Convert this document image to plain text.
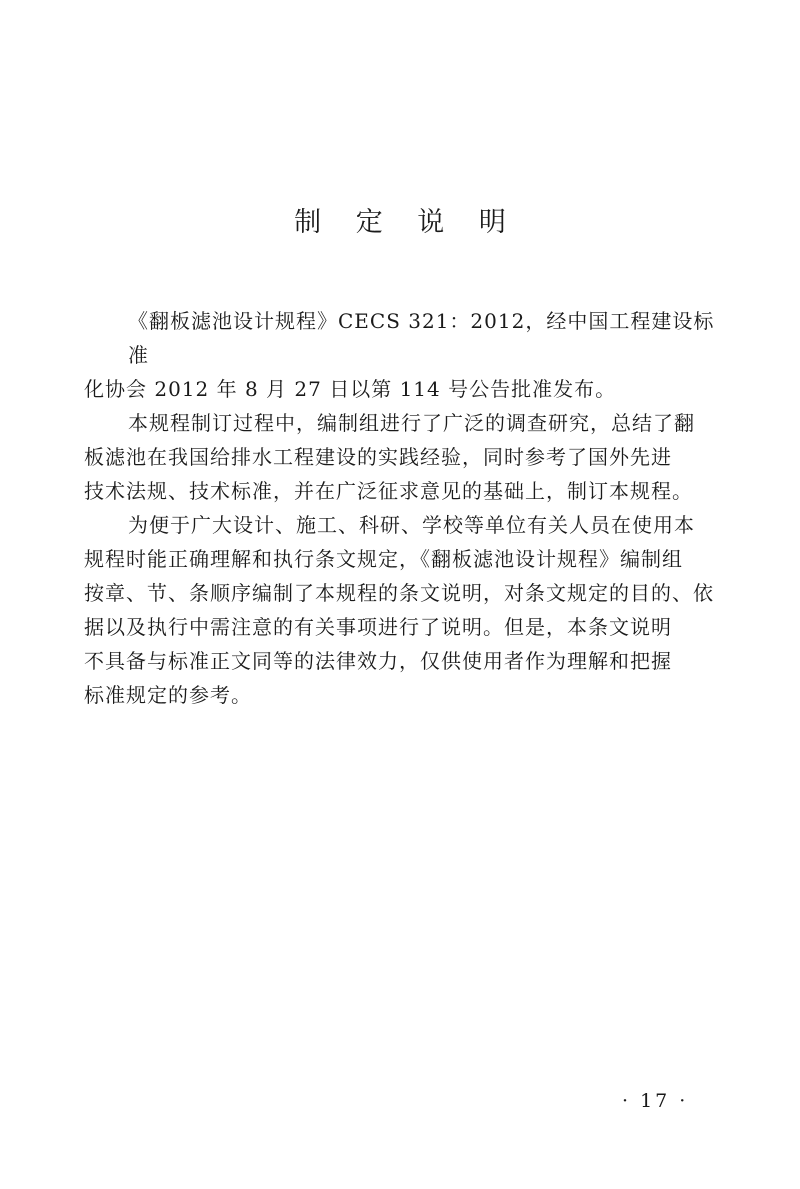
制 定 说 明
《翻板滤池设计规程》CECS 321：2012，经中国工程建设标准
化协会 2012 年 8 月 27 日以第 114 号公告批准发布。
本规程制订过程中，编制组进行了广泛的调查研究，总结了翻
板滤池在我国给排水工程建设的实践经验，同时参考了国外先进
技术法规、技术标准，并在广泛征求意见的基础上，制订本规程。
为便于广大设计、施工、科研、学校等单位有关人员在使用本
规程时能正确理解和执行条文规定，《翻板滤池设计规程》编制组
按章、节、条顺序编制了本规程的条文说明，对条文规定的目的、依
据以及执行中需注意的有关事项进行了说明。但是，本条文说明
不具备与标准正文同等的法律效力，仅供使用者作为理解和把握
标准规定的参考。
· 17 ·
